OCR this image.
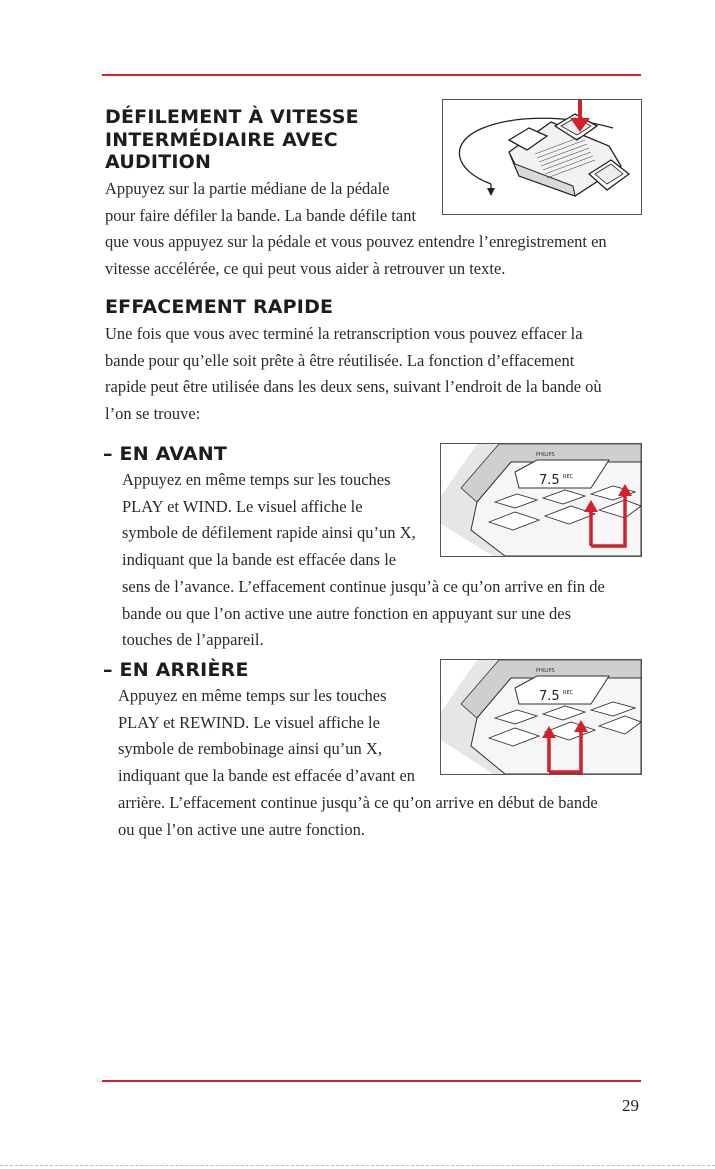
DÉFILEMENT À VITESSE
INTERMÉDIAIRE AVEC
AUDITION

Appuyez sur la partie médiane de la pédale
pour faire défiler la bande. La bande défile tant
que vous appuyez sur la pédale et vous pouvez entendre l’enregistrement en
vitesse accélérée, ce qui peut vous aider à retrouver un texte.

EFFACEMENT RAPIDE

Une fois que vous avec terminé la retranscription vous pouvez effacer la
bande pour qu’elle soit prête à être réutilisée. La fonction d’effacement
rapide peut être utilisée dans les deux sens, suivant l’endroit de la bande où
l’on se trouve:

– EN AVANT

Appuyez en même temps sur les touches
PLAY et WIND. Le visuel affiche le
symbole de défilement rapide ainsi qu’un X,
indiquant que la bande est effacée dans le
sens de l’avance. L’effacement continue jusqu’à ce qu’on arrive en fin de
bande ou que l’on active une autre fonction en appuyant sur une des
touches de l’appareil.

7.5 REC
PHILIPS
– EN ARRIÈRE

Appuyez en même temps sur les touches
PLAY et REWIND. Le visuel affiche le
symbole de rembobinage ainsi qu’un X,
indiquant que la bande est effacée d’avant en
arrière. L’effacement continue jusqu’à ce qu’on arrive en début de bande
ou que l’on active une autre fonction.

7.5 REC
PHILIPS
29
